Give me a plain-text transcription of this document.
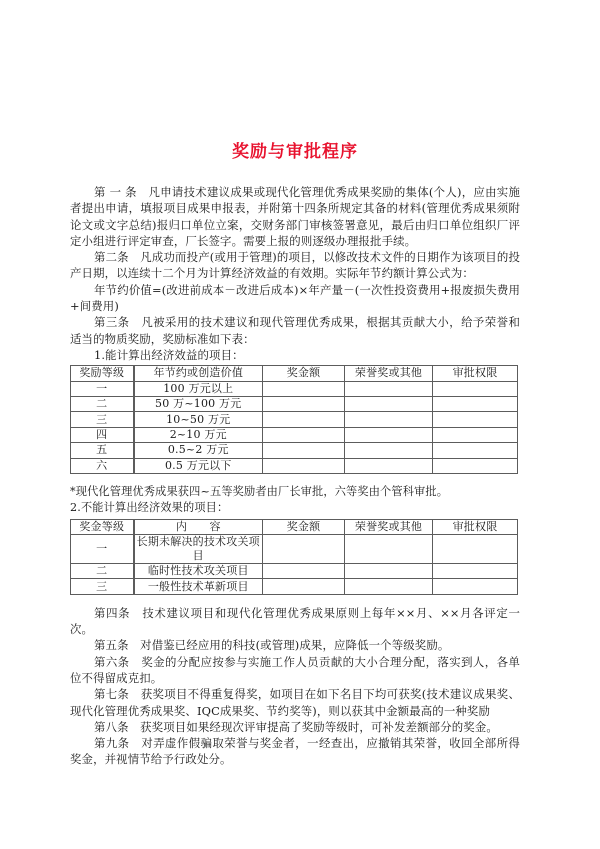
奖励与审批程序

第 一 条　凡申请技术建议成果或现代化管理优秀成果奖励的集体(个人)，应由实施者提出申请，填报项目成果申报表，并附第十四条所规定其备的材料(管理优秀成果须附论文或文字总结)报归口单位立案，交财务部门审核签署意见，最后由归口单位组织厂评定小组进行评定审查，厂长签字。需要上报的则逐级办理报批手续。

第二条　凡成功而投产(或用于管理)的项目，以修改技术文件的日期作为该项目的投产日期，以连续十二个月为计算经济效益的有效期。实际年节约额计算公式为：

年节约价值=(改进前成本－改进后成本)×年产量－(一次性投资费用+报废损失费用+间费用)

第三条　凡被采用的技术建议和现代管理优秀成果，根据其贡献大小，给予荣誉和适当的物质奖励，奖励标准如下表：

1.能计算出经济效益的项目：

奖励等级	年节约或创造价值	奖金额	荣誉奖或其他	审批权限
一	100 万元以上			
二	50 万~100 万元			
三	10~50 万元			
四	2~10 万元			
五	0.5~2 万元			
六	0.5 万元以下			

*现代化管理优秀成果获四~五等奖励者由厂长审批，六等奖由个管科审批。

2.不能计算出经济效果的项目：

奖金等级	内　　容	奖金额	荣誉奖或其他	审批权限
一	长期未解决的技术攻关项目			
二	临时性技术攻关项目			
三	一般性技术革新项目			

第四条　技术建议项目和现代化管理优秀成果原则上每年××月、××月各评定一次。

第五条　对借鉴已经应用的科技(或管理)成果，应降低一个等级奖励。

第六条　奖金的分配应按参与实施工作人员贡献的大小合理分配，落实到人，各单位不得留成克扣。

第七条　获奖项目不得重复得奖，如项目在如下名目下均可获奖(技术建议成果奖、现代化管理优秀成果奖、IQC成果奖、节约奖等)，则以获其中金额最高的一种奖励

第八条　获奖项目如果经现次评审提高了奖励等级时，可补发差额部分的奖金。

第九条　对弄虚作假骗取荣誉与奖金者，一经查出，应撤销其荣誉，收回全部所得奖金，并视情节给予行政处分。
